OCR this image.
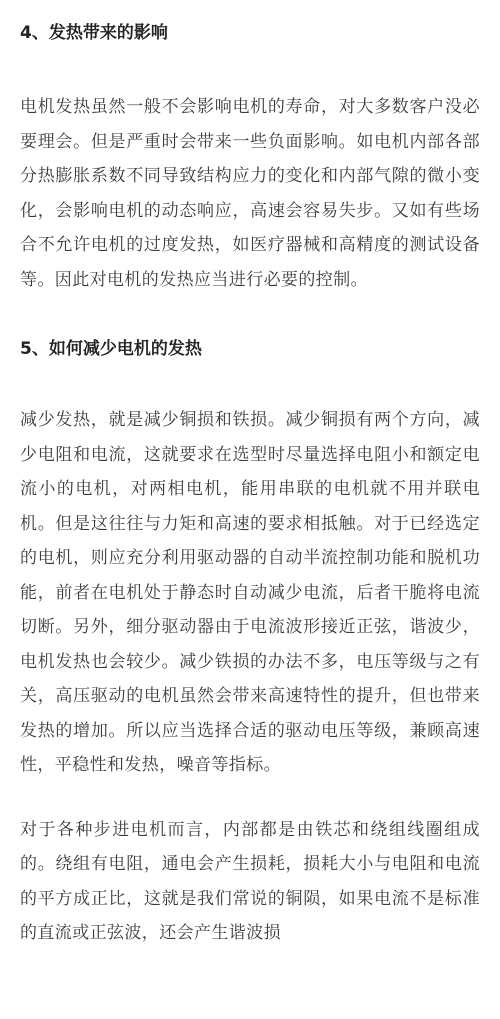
4、发热带来的影响

电机发热虽然一般不会影响电机的寿命，对大多数客户没必要理会。但是严重时会带来一些负面影响。如电机内部各部分热膨胀系数不同导致结构应力的变化和内部气隙的微小变化，会影响电机的动态响应，高速会容易失步。又如有些场合不允许电机的过度发热，如医疗器械和高精度的测试设备等。因此对电机的发热应当进行必要的控制。

5、如何减少电机的发热

减少发热，就是减少铜损和铁损。减少铜损有两个方向，减少电阻和电流，这就要求在选型时尽量选择电阻小和额定电流小的电机，对两相电机，能用串联的电机就不用并联电机。但是这往往与力矩和高速的要求相抵触。对于已经选定的电机，则应充分利用驱动器的自动半流控制功能和脱机功能，前者在电机处于静态时自动减少电流，后者干脆将电流切断。另外，细分驱动器由于电流波形接近正弦，谐波少，电机发热也会较少。减少铁损的办法不多，电压等级与之有关，高压驱动的电机虽然会带来高速特性的提升，但也带来发热的增加。所以应当选择合适的驱动电压等级，兼顾高速性，平稳性和发热，噪音等指标。

对于各种步进电机而言，内部都是由铁芯和绕组线圈组成的。绕组有电阻，通电会产生损耗，损耗大小与电阻和电流的平方成正比，这就是我们常说的铜陨，如果电流不是标准的直流或正弦波，还会产生谐波损
